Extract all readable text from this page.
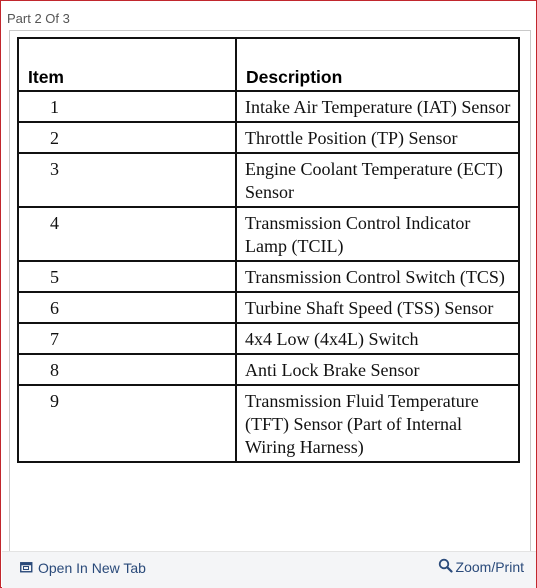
Part 2 Of 3
Item	Description
1	Intake Air Temperature (IAT) Sensor
2	Throttle Position (TP) Sensor
3	Engine Coolant Temperature (ECT) Sensor
4	Transmission Control Indicator Lamp (TCIL)
5	Transmission Control Switch (TCS)
6	Turbine Shaft Speed (TSS) Sensor
7	4x4 Low (4x4L) Switch
8	Anti Lock Brake Sensor
9	Transmission Fluid Temperature (TFT) Sensor (Part of Internal Wiring Harness)
Open In New Tab	Zoom/Print
